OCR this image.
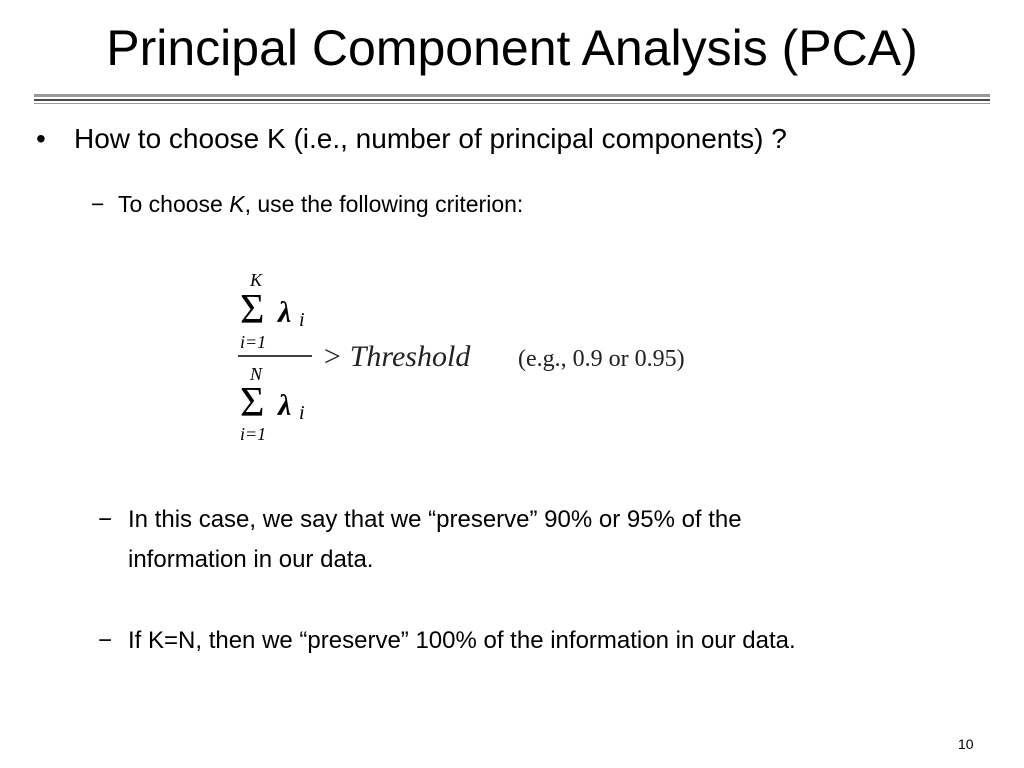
Principal Component Analysis (PCA)
• How to choose K (i.e., number of principal components) ?
− To choose K, use the following criterion:
K
Σ
i=1
λ i
N
Σ
i=1
λ i
> Threshold (e.g., 0.9 or 0.95)
− In this case, we say that we “preserve” 90% or 95% of the
information in our data.
− If K=N, then we “preserve” 100% of the information in our data.
10
